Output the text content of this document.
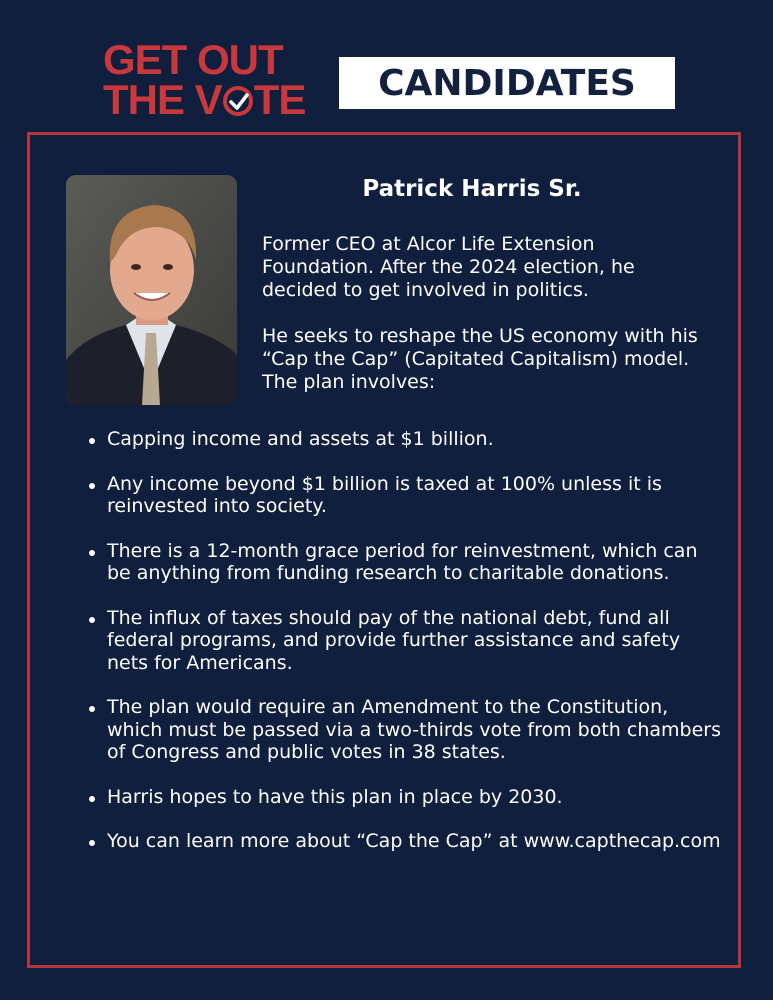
GET OUT
THE V TE	CANDIDATES
Patrick Harris Sr.

Former CEO at Alcor Life Extension Foundation. After the 2024 election, he decided to get involved in politics.

He seeks to reshape the US economy with his “Cap the Cap” (Capitated Capitalism) model. The plan involves:

Capping income and assets at $1 billion.
Any income beyond $1 billion is taxed at 100% unless it is reinvested into society.
There is a 12-month grace period for reinvestment, which can be anything from funding research to charitable donations.
The influx of taxes should pay of the national debt, fund all federal programs, and provide further assistance and safety nets for Americans.
The plan would require an Amendment to the Constitution, which must be passed via a two-thirds vote from both chambers of Congress and public votes in 38 states.
Harris hopes to have this plan in place by 2030.
You can learn more about “Cap the Cap” at www.capthecap.com
